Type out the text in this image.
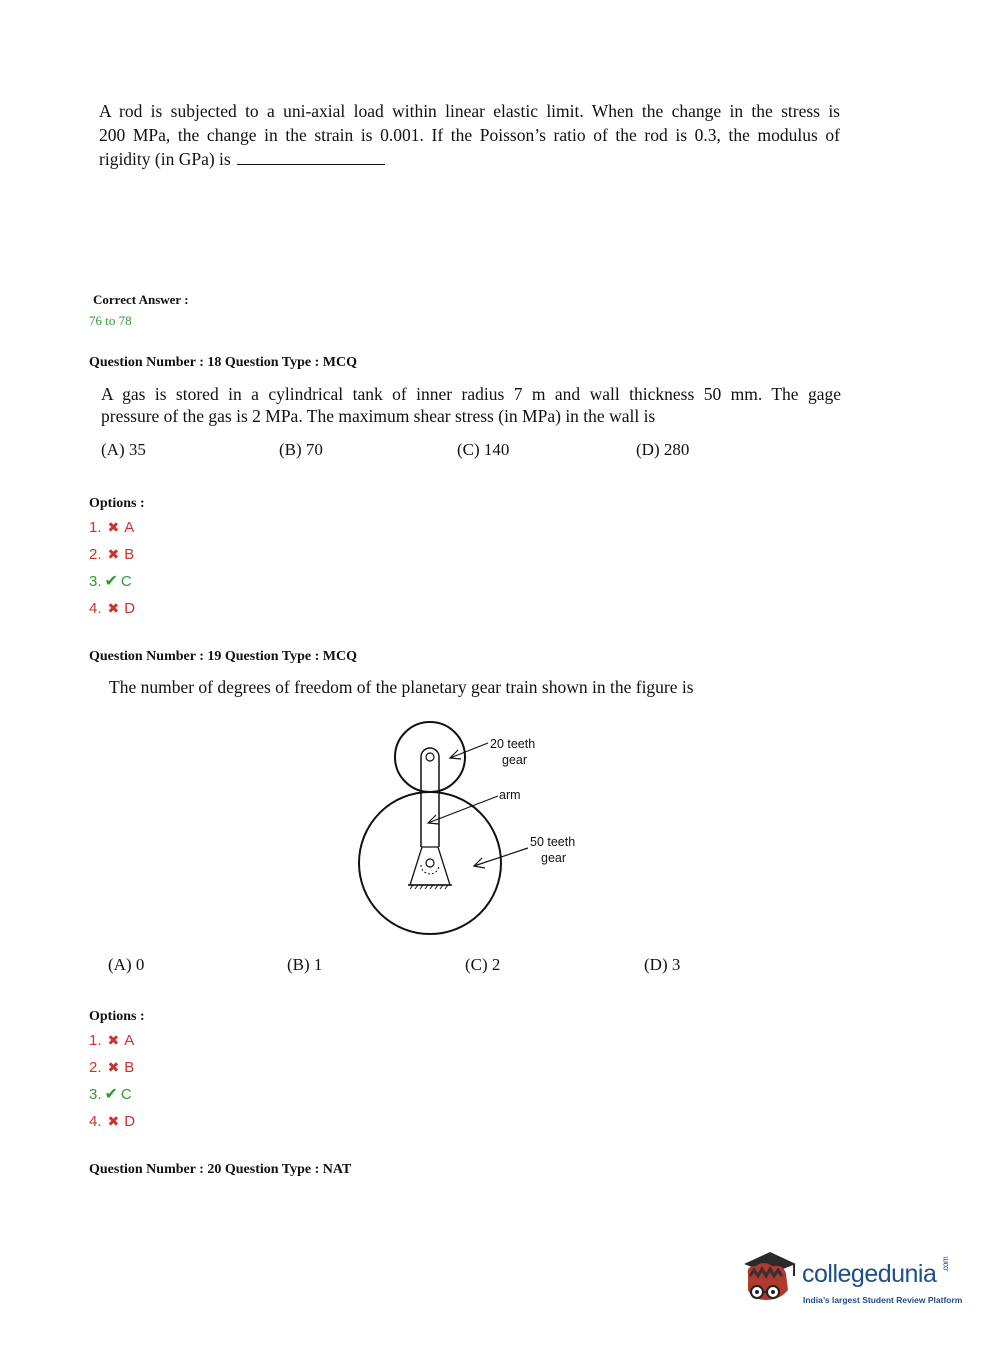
A rod is subjected to a uni-axial load within linear elastic limit. When the change in the stress is
200 MPa, the change in the strain is 0.001. If the Poisson’s ratio of the rod is 0.3, the modulus of
rigidity (in GPa) is
Correct Answer :
76 to 78
Question Number : 18 Question Type : MCQ
A gas is stored in a cylindrical tank of inner radius 7 m and wall thickness 50 mm. The gage
pressure of the gas is 2 MPa. The maximum shear stress (in MPa) in the wall is
(A) 35	(B) 70	(C) 140	(D) 280
Options :
1. ✖ A
2. ✖ B
3. ✔ C
4. ✖ D
Question Number : 19 Question Type : MCQ
The number of degrees of freedom of the planetary gear train shown in the figure is
20 teeth
gear
arm
50 teeth
gear
(A) 0	(B) 1	(C) 2	(D) 3
Options :
1. ✖ A
2. ✖ B
3. ✔ C
4. ✖ D
Question Number : 20 Question Type : NAT
collegedunia .com
India’s largest Student Review Platform
